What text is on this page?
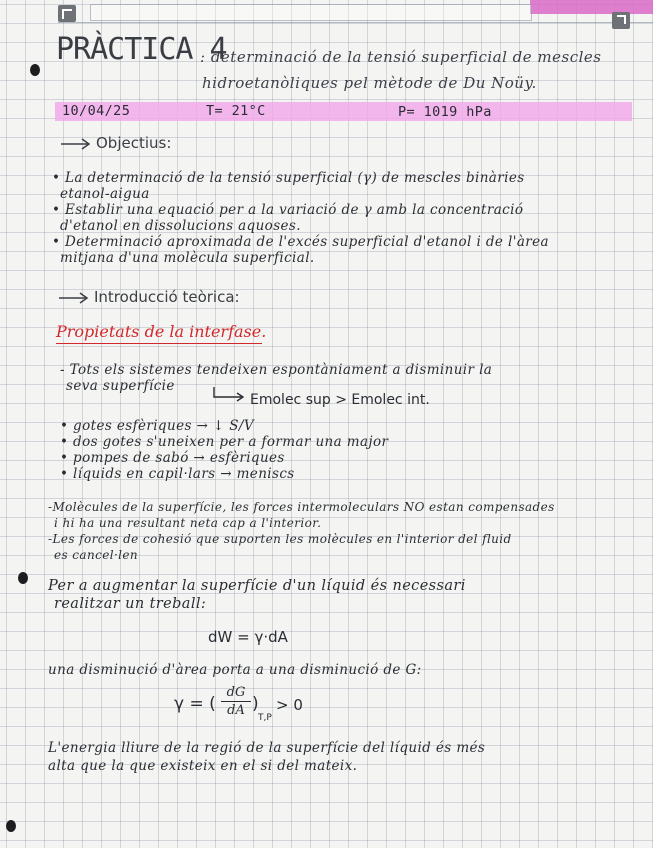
PRÀCTICA 4
: determinació de la tensió superficial de mescles
hidroetanòliques pel mètode de Du Noüy.
10/04/25	T= 21°C	P= 1019 hPa
Objectius:
• La determinació de la tensió superficial (γ) de mescles binàries
etanol-aigua
• Establir una equació per a la variació de γ amb la concentració
d'etanol en dissolucions aquoses.
• Determinació aproximada de l'excés superficial d'etanol i de l'àrea
mitjana d'una molècula superficial.
Introducció teòrica:
Propietats de la interfase.
- Tots els sistemes tendeixen espontàniament a disminuir la
seva superfície
Emolec sup > Emolec int.
• gotes esfèriques → ↓ S/V
• dos gotes s'uneixen per a formar una major
• pompes de sabó → esfèriques
• líquids en capil·lars → meniscs
-Molècules de la superfície, les forces intermoleculars NO estan compensades
i hi ha una resultant neta cap a l'interior.
-Les forces de cohesió que suporten les molècules en l'interior del fluid
es cancel·len
Per a augmentar la superfície d'un líquid és necessari
realitzar un treball:
dW = γ·dA
una disminució d'àrea porta a una disminució de G:
γ = (
dG
dA )
T,P
> 0
L'energia lliure de la regió de la superfície del líquid és més
alta que la que existeix en el si del mateix.
